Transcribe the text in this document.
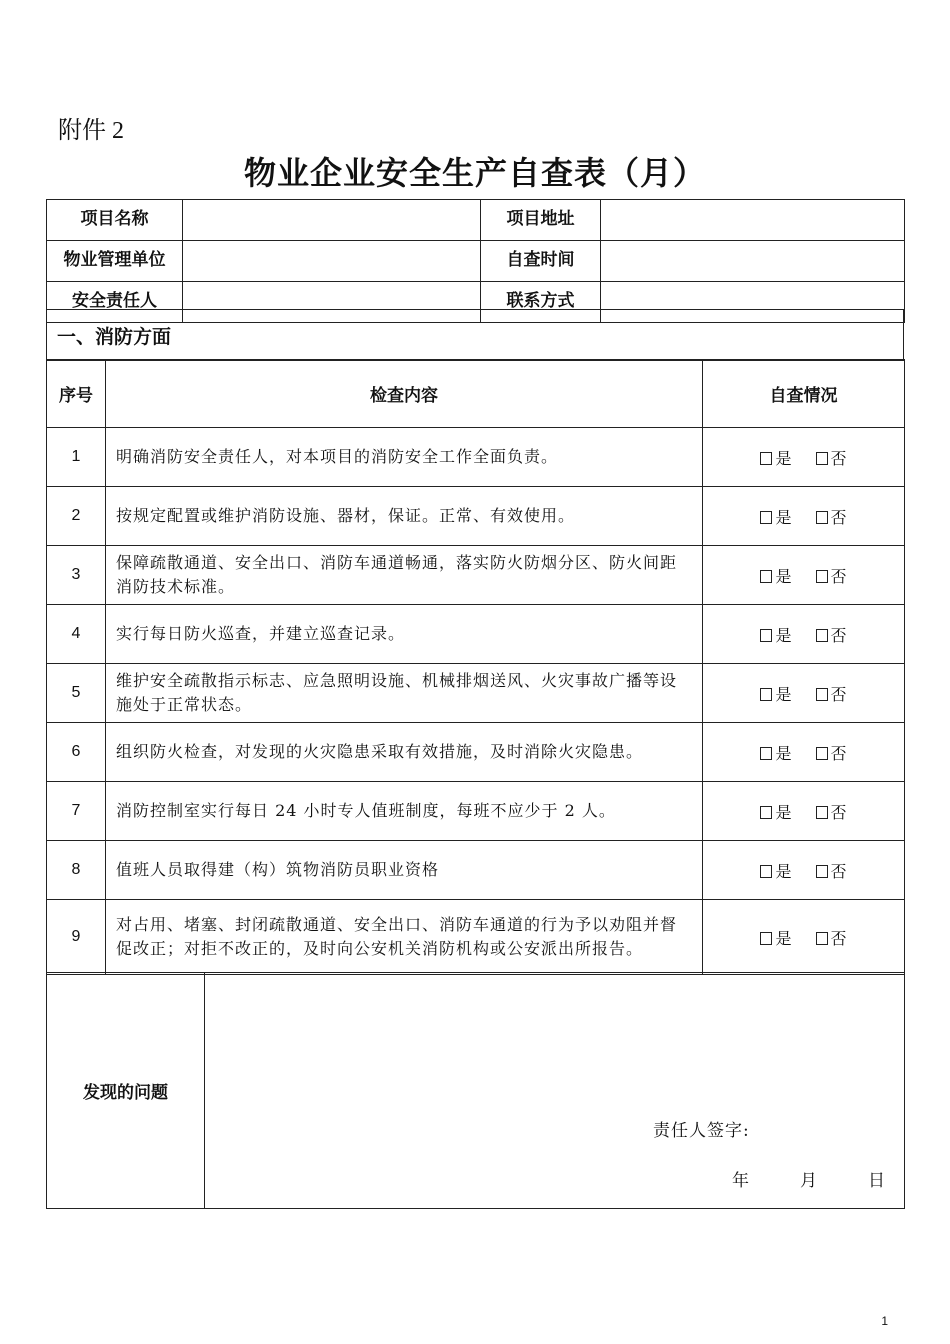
附件 2
物业企业安全生产自查表（月）
项目名称		项目地址	
物业管理单位		自查时间	
安全责任人		联系方式	
一、消防方面
序号	检查内容	自查情况
1	明确消防安全责任人，对本项目的消防安全工作全面负责。	是 否
2	按规定配置或维护消防设施、器材，保证。正常、有效使用。	是 否
3	保障疏散通道、安全出口、消防车通道畅通，落实防火防烟分区、防火间距消防技术标准。	是 否
4	实行每日防火巡查，并建立巡查记录。	是 否
5	维护安全疏散指示标志、应急照明设施、机械排烟送风、火灾事故广播等设施处于正常状态。	是 否
6	组织防火检查，对发现的火灾隐患采取有效措施，及时消除火灾隐患。	是 否
7	消防控制室实行每日 24 小时专人值班制度，每班不应少于 2 人。	是 否
8	值班人员取得建（构）筑物消防员职业资格	是 否
9	对占用、堵塞、封闭疏散通道、安全出口、消防车通道的行为予以劝阻并督促改正；对拒不改正的，及时向公安机关消防机构或公安派出所报告。	是 否
发现的问题	
责任人签字:
年	月	日
1
